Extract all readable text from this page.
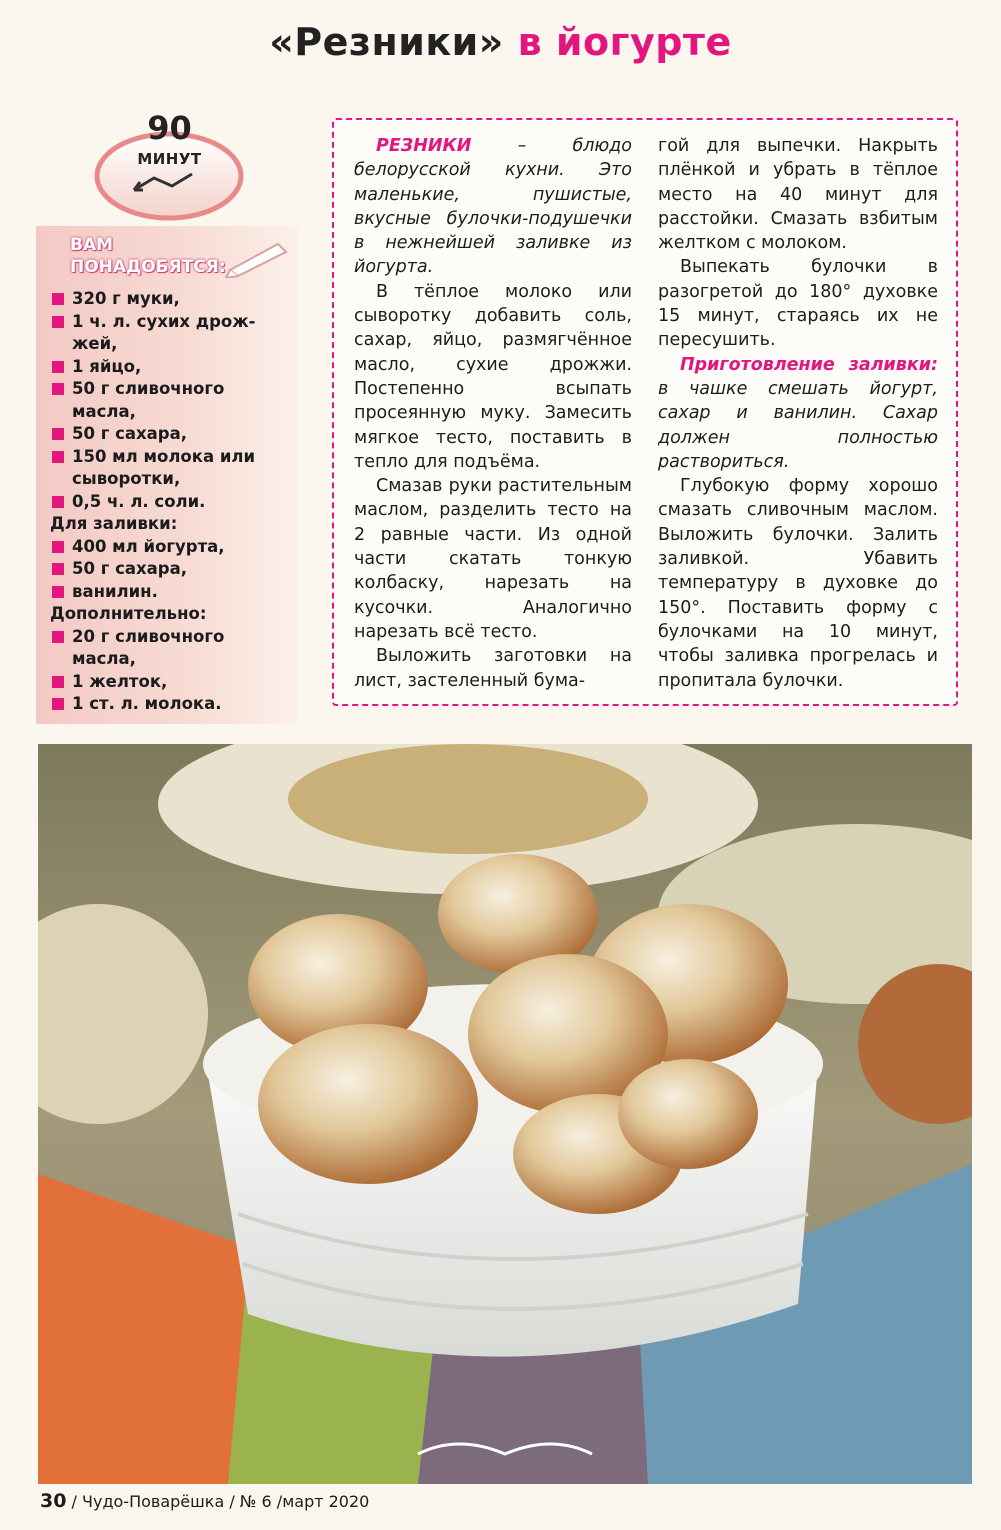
«Резники» в йогурте
90
МИНУТ
ВАМ
ПОНАДОБЯТСЯ:
320 г муки,
1 ч. л. сухих дрож-жей,
1 яйцо,
50 г сливочного масла,
50 г сахара,
150 мл молока или сыворотки,
0,5 ч. л. соли.
Для заливки:
400 мл йогурта,
50 г сахара,
ванилин.
Дополнительно:
20 г сливочного масла,
1 желток,
1 ст. л. молока.

РЕЗНИКИ – блюдо белорусской кухни. Это маленькие, пушистые, вкусные булочки-подушечки в нежнейшей заливке из йогурта.

В тёплое молоко или сыворотку добавить соль, сахар, яйцо, размягчённое масло, сухие дрожжи. Постепенно всыпать просеянную муку. Замесить мягкое тесто, поставить в тепло для подъёма.

Смазав руки растительным маслом, разделить тесто на 2 равные части. Из одной части скатать тонкую колбаску, нарезать на кусочки. Аналогично нарезать всё тесто.

Выложить заготовки на лист, застеленный бума-

гой для выпечки. Накрыть плёнкой и убрать в тёплое место на 40 минут для расстойки. Смазать взбитым желтком с молоком.

Выпекать булочки в разогретой до 180° духовке 15 минут, стараясь их не пересушить.

Приготовление заливки: в чашке смешать йогурт, сахар и ванилин. Сахар должен полностью раствориться.

Глубокую форму хорошо смазать сливочным маслом. Выложить булочки. Залить заливкой. Убавить температуру в духовке до 150°. Поставить форму с булочками на 10 минут, чтобы заливка прогрелась и пропитала булочки.

30 / Чудо-Поварёшка / № 6 /март 2020
